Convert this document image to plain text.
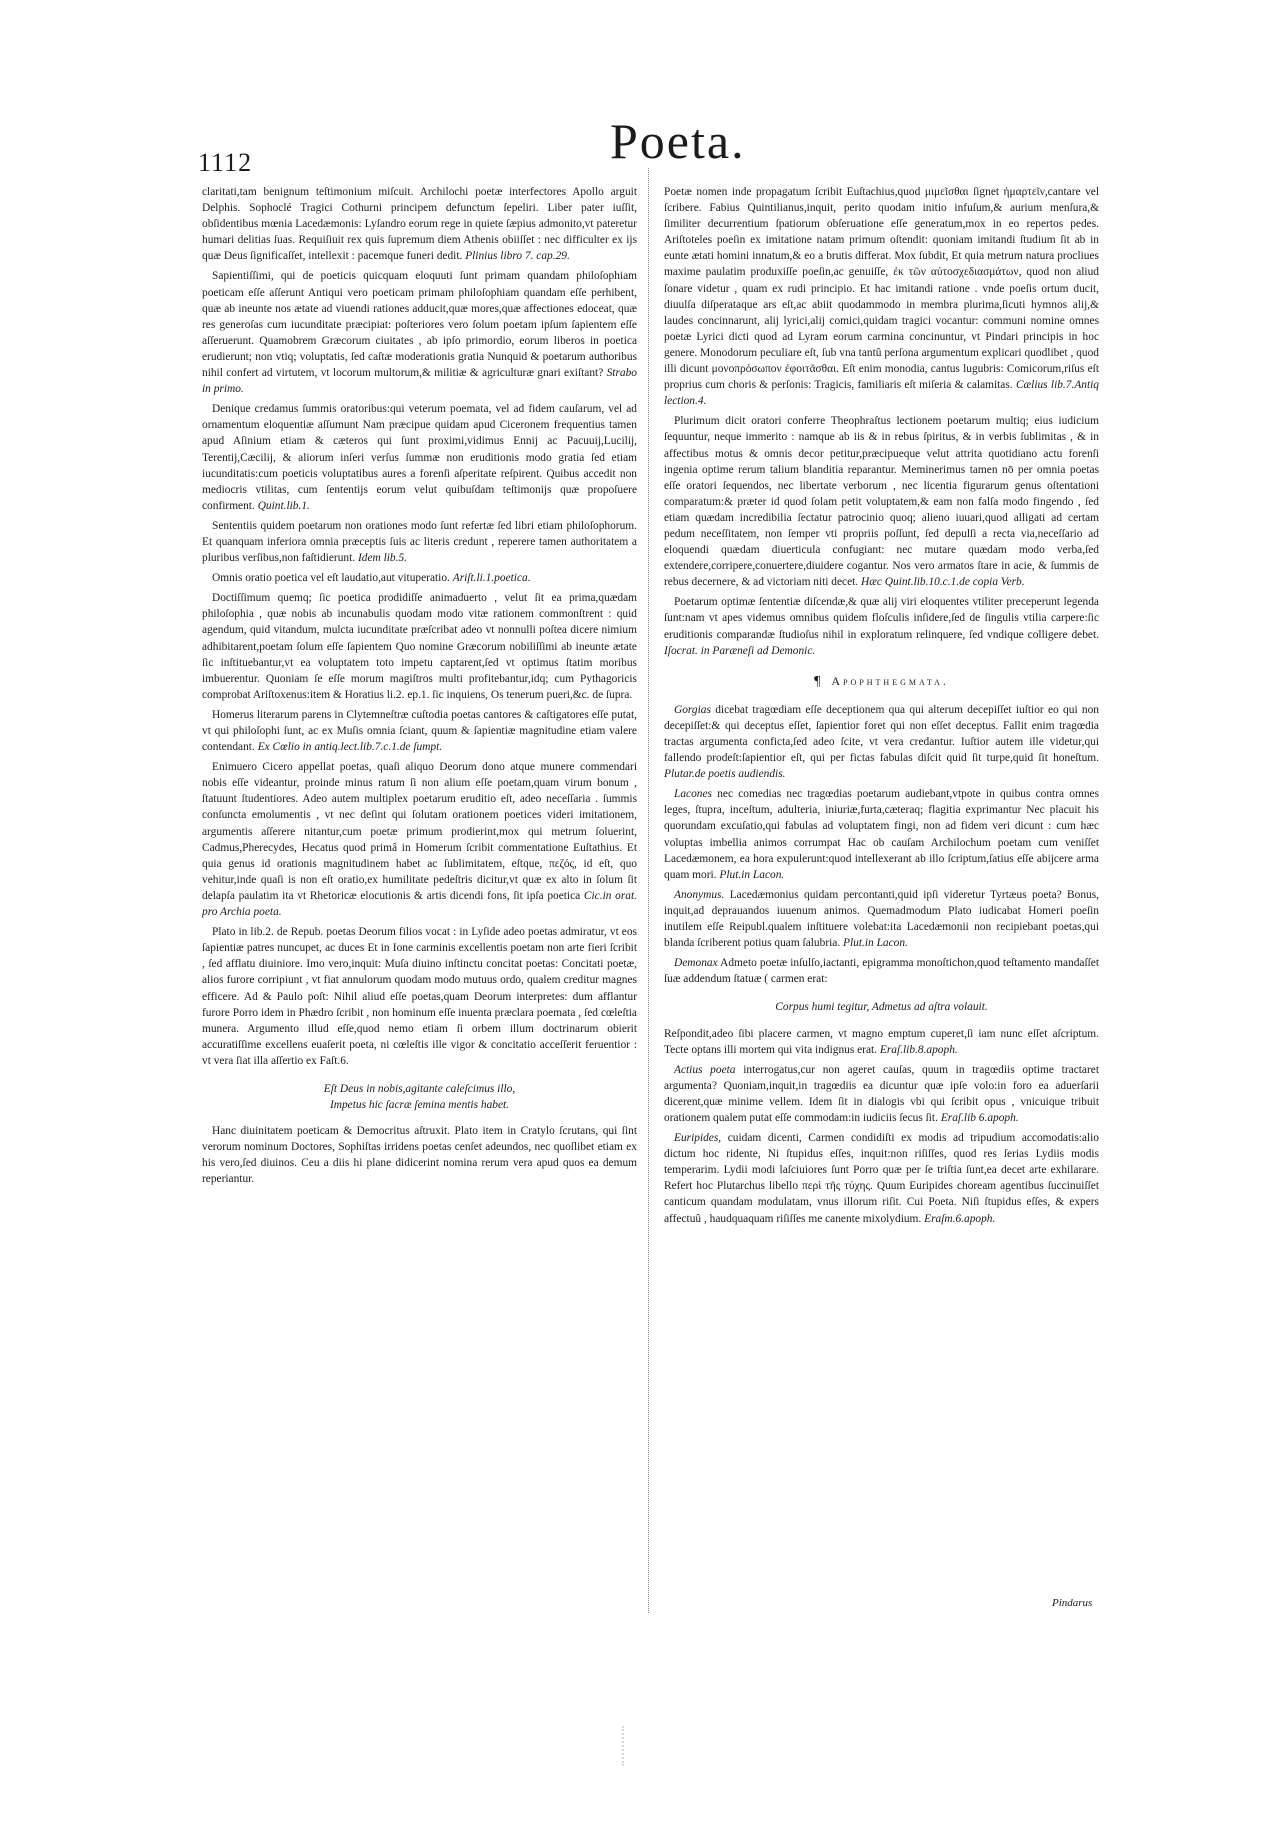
1112	Poeta.

claritati,tam benignum teſtimonium miſcuit. Archilochi poetæ interfectores Apollo arguit Delphis. Sophoclé Tragici Cothurni principem defunctum ſepeliri. Liber pater iuſſit, obſidentibus mœnia Lacedæmonis: Lyſandro eorum rege in quiete ſæpius admonito,vt pateretur humari delitias ſuas. Requiſiuit rex quis ſupremum diem Athenis obiiſſet : nec difficulter ex ijs quæ Deus ſignificaſſet, intellexit : pacemque funeri dedit. Plinius libro 7. cap.29.

Sapientiſſimi, qui de poeticis quicquam eloquuti ſunt primam quandam philoſophiam poeticam eſſe aſſerunt Antiqui vero poeticam primam philoſophiam quandam eſſe perhibent, quæ ab ineunte nos ætate ad viuendi rationes adducit,quæ mores,quæ affectiones edoceat, quæ res generoſas cum iucunditate præcipiat: poſteriores vero ſolum poetam ipſum ſapientem eſſe aſſeruerunt. Quamobrem Græcorum ciuitates , ab ipſo primordio, eorum liberos in poetica erudierunt; non vtiq; voluptatis, ſed caſtæ moderationis gratia Nunquid & poetarum authoribus nihil confert ad virtutem, vt locorum multorum,& militiæ & agriculturæ gnari exiſtant? Strabo in primo.

Denique credamus ſummis oratoribus:qui veterum poemata, vel ad fidem cauſarum, vel ad ornamentum eloquentiæ aſſumunt Nam præcipue quidam apud Ciceronem frequentius tamen apud Aſinium etiam & cæteros qui ſunt proximi,vidimus Ennij ac Pacuuij,Lucilij, Terentij,Cæcilij, & aliorum inſeri verſus ſummæ non eruditionis modo gratia ſed etiam iucunditatis:cum poeticis voluptatibus aures a forenſi aſperitate reſpirent. Quibus accedit non mediocris vtilitas, cum ſententijs eorum velut quibuſdam teſtimonijs quæ propoſuere confirment. Quint.lib.1.

Sententiis quidem poetarum non orationes modo ſunt refertæ ſed libri etiam philoſophorum. Et quanquam inferiora omnia præceptis ſuis ac literis credunt , reperere tamen authoritatem a pluribus verſibus,non faſtidierunt. Idem lib.5.

Omnis oratio poetica vel eſt laudatio,aut vituperatio. Ariſt.li.1.poetica.

Doctiſſimum quemq; ſic poetica prodidiſſe animaduerto , velut ſit ea prima,quædam philoſophia , quæ nobis ab incunabulis quodam modo vitæ rationem commonſtrent : quid agendum, quid vitandum, mulcta iucunditate præſcribat adeo vt nonnulli poſtea dicere nimium adhibitarent,poetam ſolum eſſe ſapientem Quo nomine Græcorum nobiliſſimi ab ineunte ætate ſic inſtituebantur,vt ea voluptatem toto impetu captarent,ſed vt optimus ſtatim moribus imbuerentur. Quoniam ſe eſſe morum magiſtros multi profitebantur,idq; cum Pythagoricis comprobat Ariſtoxenus:item & Horatius li.2. ep.1. ſic inquiens, Os tenerum pueri,&c. de ſupra.

Homerus literarum parens in Clytemneſtræ cuſtodia poetas cantores & caſtigatores eſſe putat, vt qui philoſophi ſunt, ac ex Muſis omnia ſciant, quum & ſapientiæ magnitudine etiam valere contendant. Ex Cœlio in antiq.lect.lib.7.c.1.de ſumpt.

Enimuero Cicero appellat poetas, quaſi aliquo Deorum dono atque munere commendari nobis eſſe videantur, proinde minus ratum ſi non alium eſſe poetam,quam virum bonum , ſtatuunt ſtudentiores. Adeo autem multiplex poetarum eruditio eſt, adeo neceſſaria . ſummis conſuncta emolumentis , vt nec deſint qui ſolutam orationem poetices videri imitationem, argumentis aſſerere nitantur,cum poetæ primum prodierint,mox qui metrum ſoluerint, Cadmus,Pherecydes, Hecatus quod primâ in Homerum ſcribit commentatione Euſtathius. Et quia genus id orationis magnitudinem habet ac ſublimitatem, eſtque, πεζός, id eſt, quo vehitur,inde quaſi is non eſt oratio,ex humilitate pedeſtris dicitur,vt quæ ex alto in ſolum ſit delapſa paulatim ita vt Rhetoricæ elocutionis & artis dicendi fons, ſit ipſa poetica Cic.in orat. pro Archia poeta.

Plato in lib.2. de Repub. poetas Deorum filios vocat : in Lyſide adeo poetas admiratur, vt eos ſapientiæ patres nuncupet, ac duces Et in Ione carminis excellentis poetam non arte fieri ſcribit , ſed afflatu diuiniore. Imo vero,inquit: Muſa diuino inſtinctu concitat poetas: Concitati poetæ, alios furore corripiunt , vt fiat annulorum quodam modo mutuus ordo, qualem creditur magnes efficere. Ad & Paulo poſt: Nihil aliud eſſe poetas,quam Deorum interpretes: dum afflantur furore Porro idem in Phædro ſcribit , non hominum eſſe inuenta præclara poemata , ſed cœleſtia munera. Argumento illud eſſe,quod nemo etiam ſi orbem illum doctrinarum obierit accuratiſſime excellens euaſerit poeta, ni cœleſtis ille vigor & concitatio acceſſerit feruentior : vt vera ſiat illa aſſertio ex Faſt.6.

Eſt Deus in nobis,agitante caleſcimus illo,
Impetus hic ſacræ ſemina mentis habet.

Hanc diuinitatem poeticam & Democritus aſtruxit. Plato item in Cratylo ſcrutans, qui ſint verorum nominum Doctores, Sophiſtas irridens poetas cenſet adeundos, nec quoſlibet etiam ex his vero,ſed diuinos. Ceu a diis hi plane didicerint nomina rerum vera apud quos ea demum reperiantur.

Poetæ nomen inde propagatum ſcribit Euſtachius,quod μιμεῖσθαι ſignet ἡμαρτεῖν,cantare vel ſcribere. Fabius Quintilianus,inquit, perito quodam initio infuſum,& aurium menſura,& ſimiliter decurrentium ſpatiorum obſeruatione eſſe generatum,mox in eo repertos pedes. Ariſtoteles poeſin ex imitatione natam primum oſtendit: quoniam imitandi ſtudium ſit ab in eunte ætati homini innatum,& eo a brutis differat. Mox ſubdit, Et quia metrum natura procliues maxime paulatim produxiſſe poeſin,ac genuiſſe, ἐκ τῶν αὐτοσχεδιασμάτων, quod non aliud ſonare videtur , quam ex rudi principio. Et hac imitandi ratione . vnde poeſis ortum ducit, diuulſa diſperataque ars eſt,ac abiit quodammodo in membra plurima,ſicuti hymnos alij,& laudes concinnarunt, alij lyrici,alij comici,quidam tragici vocantur: communi nomine omnes poetæ Lyrici dicti quod ad Lyram eorum carmina concinuntur, vt Pindari principis in hoc genere. Monodorum peculiare eſt, ſub vna tantû perſona argumentum explicari quodlibet , quod illi dicunt μονοπρόσωπον ἐφοιτᾶσθαι. Eſt enim monodia, cantus lugubris: Comicorum,riſus eſt proprius cum choris & perſonis: Tragicis, familiaris eſt miſeria & calamitas. Cælius lib.7.Antiq lection.4.

Plurimum dicit oratori conferre Theophraſtus lectionem poetarum multiq; eius iudicium ſequuntur, neque immerito : namque ab iis & in rebus ſpiritus, & in verbis ſublimitas , & in affectibus motus & omnis decor petitur,præcipueque velut attrita quotidiano actu forenſi ingenia optime rerum talium blanditia reparantur. Meminerimus tamen nō per omnia poetas eſſe oratori ſequendos, nec libertate verborum , nec licentia figurarum genus oſtentationi comparatum:& præter id quod ſolam petit voluptatem,& eam non falſa modo fingendo , ſed etiam quædam incredibilia ſectatur patrocinio quoq; alieno iuuari,quod alligati ad certam pedum neceſſitatem, non ſemper vti propriis poſſunt, ſed depulſi a recta via,neceſſario ad eloquendi quædam diuerticula confugiant: nec mutare quædam modo verba,ſed extendere,corripere,conuertere,diuidere cogantur. Nos vero armatos ſtare in acie, & ſummis de rebus decernere, & ad victoriam niti decet. Hæc Quint.lib.10.c.1.de copia Verb.

Poetarum optimæ ſententiæ diſcendæ,& quæ alij viri eloquentes vtiliter preceperunt legenda ſunt:nam vt apes videmus omnibus quidem floſculis inſidere,ſed de ſingulis vtilia carpere:ſic eruditionis comparandæ ſtudioſus nihil in exploratum relinquere, ſed vndique colligere debet. Iſocrat. in Paræneſi ad Demonic.

¶ Apophthegmata.

Gorgias dicebat tragœdiam eſſe deceptionem qua qui alterum decepiſſet iuſtior eo qui non decepiſſet:& qui deceptus eſſet, ſapientior foret qui non eſſet deceptus. Fallit enim tragœdia tractas argumenta conficta,ſed adeo ſcite, vt vera credantur. Iuſtior autem ille videtur,qui fallendo prodeſt:ſapientior eſt, qui per fictas fabulas diſcit quid ſit turpe,quid ſit honeſtum. Plutar.de poetis audiendis.

Lacones nec comedias nec tragœdias poetarum audiebant,vtpote in quibus contra omnes leges, ſtupra, inceſtum, adulteria, iniuriæ,furta,cæteraq; flagitia exprimantur Nec placuit his quorundam excuſatio,qui fabulas ad voluptatem fingi, non ad fidem veri dicunt : cum hæc voluptas imbellia animos corrumpat Hac ob cauſam Archilochum poetam cum veniſſet Lacedæmonem, ea hora expulerunt:quod intellexerant ab illo ſcriptum,ſatius eſſe abijcere arma quam mori. Plut.in Lacon.

Anonymus. Lacedæmonius quidam percontanti,quid ipſi videretur Tyrtæus poeta? Bonus, inquit,ad deprauandos iuuenum animos. Quemadmodum Plato iudicabat Homeri poeſin inutilem eſſe Reipubl.qualem inſtituere volebat:ita Lacedæmonii non recipiebant poetas,qui blanda ſcriberent potius quam ſalubria. Plut.in Lacon.

Demonax Admeto poetæ inſulſo,iactanti, epigramma monoſtichon,quod teſtamento mandaſſet ſuæ addendum ſtatuæ ( carmen erat:

Corpus humi tegitur, Admetus ad aſtra volauit.

Reſpondit,adeo ſibi placere carmen, vt magno emptum cuperet,ſi iam nunc eſſet aſcriptum. Tecte optans illi mortem qui vita indignus erat. Eraſ.lib.8.apoph.

Actius poeta interrogatus,cur non ageret cauſas, quum in tragœdiis optime tractaret argumenta? Quoniam,inquit,in tragœdiis ea dicuntur quæ ipſe volo:in foro ea aduerſarii dicerent,quæ minime vellem. Idem ſit in dialogis vbi qui ſcribit opus , vnicuique tribuit orationem qualem putat eſſe commodam:in iudiciis ſecus ſit. Eraſ.lib 6.apoph.

Euripides, cuidam dicenti, Carmen condidiſti ex modis ad tripudium accomodatis:alio dictum hoc ridente, Ni ſtupidus eſſes, inquit:non riſiſſes, quod res ſerias Lydiis modis temperarim. Lydii modi laſciuiores ſunt Porro quæ per ſe triſtia ſunt,ea decet arte exhilarare. Refert hoc Plutarchus libello περὶ τῆς τύχης. Quum Euripides choream agentibus ſuccinuiſſet canticum quandam modulatam, vnus illorum riſit. Cui Poeta. Niſi ſtupidus eſſes, & expers affectuû , haudquaquam riſiſſes me canente mixolydium. Eraſm.6.apoph.

Pindarus
